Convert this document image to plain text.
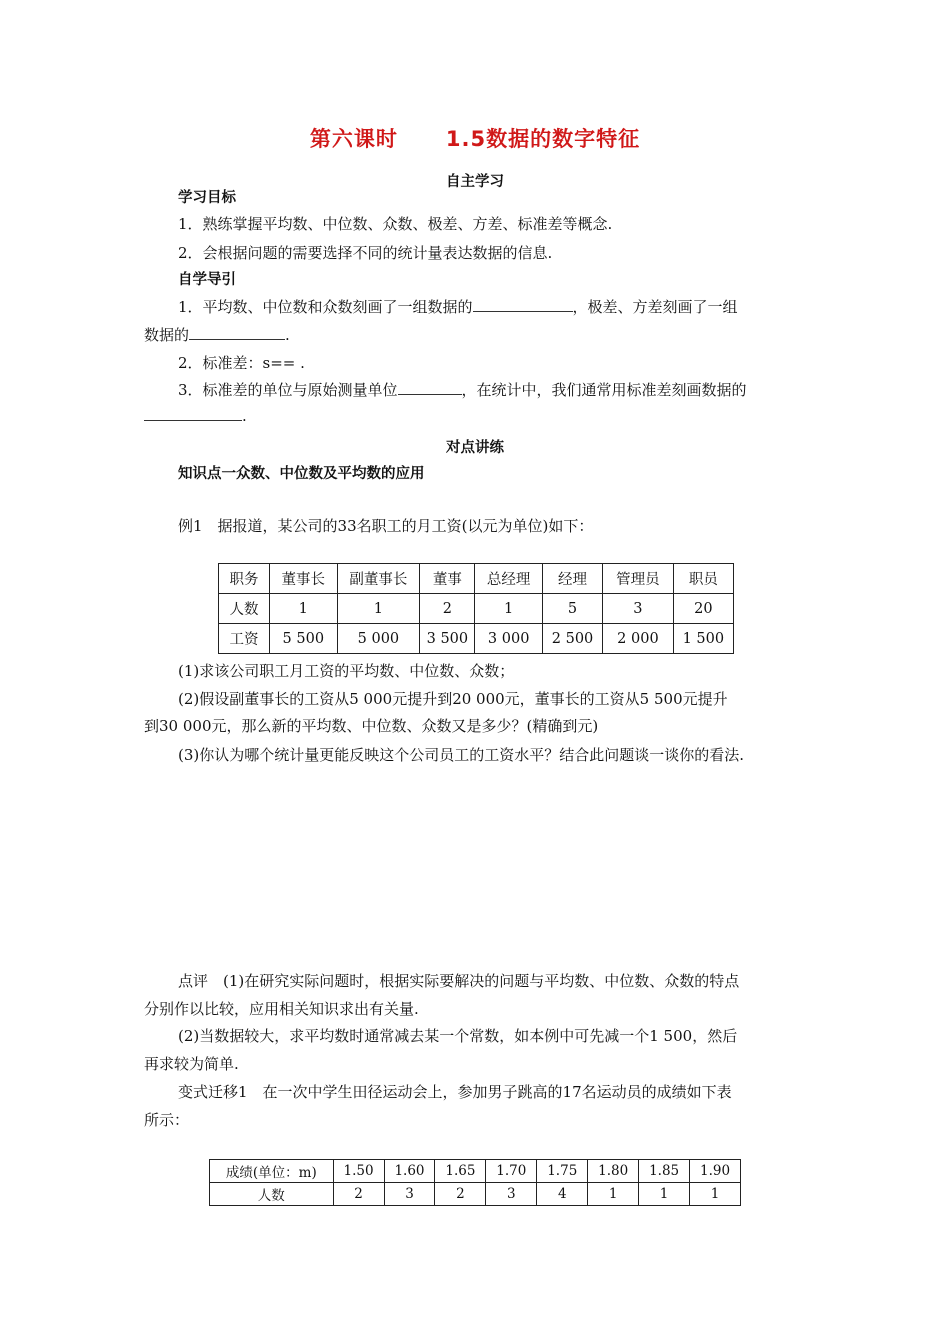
第六课时 1.5数据的数字特征
自主学习
学习目标
1．熟练掌握平均数、中位数、众数、极差、方差、标准差等概念.
2．会根据问题的需要选择不同的统计量表达数据的信息.
自学导引
1．平均数、中位数和众数刻画了一组数据的	，极差、方差刻画了一组
数据的	.
2．标准差：s== .
3．标准差的单位与原始测量单位	，在统计中，我们通常用标准差刻画数据的
.
对点讲练
知识点一众数、中位数及平均数的应用
例1　据报道，某公司的33名职工的月工资(以元为单位)如下：
职务	董事长	副董事长	董事	总经理	经理	管理员	职员
人数	1	1	2	1	5	3	20
工资	5 500	5 000	3 500	3 000	2 500	2 000	1 500
(1)求该公司职工月工资的平均数、中位数、众数；
(2)假设副董事长的工资从5 000元提升到20 000元，董事长的工资从5 500元提升
到30 000元，那么新的平均数、中位数、众数又是多少？(精确到元)
(3)你认为哪个统计量更能反映这个公司员工的工资水平？结合此问题谈一谈你的看法.
点评　(1)在研究实际问题时，根据实际要解决的问题与平均数、中位数、众数的特点
分别作以比较，应用相关知识求出有关量.
(2)当数据较大，求平均数时通常减去某一个常数，如本例中可先减一个1 500，然后
再求较为简单.
变式迁移1　在一次中学生田径运动会上，参加男子跳高的17名运动员的成绩如下表
所示：
成绩(单位：m)	1.50	1.60	1.65	1.70	1.75	1.80	1.85	1.90
人数	2	3	2	3	4	1	1	1
